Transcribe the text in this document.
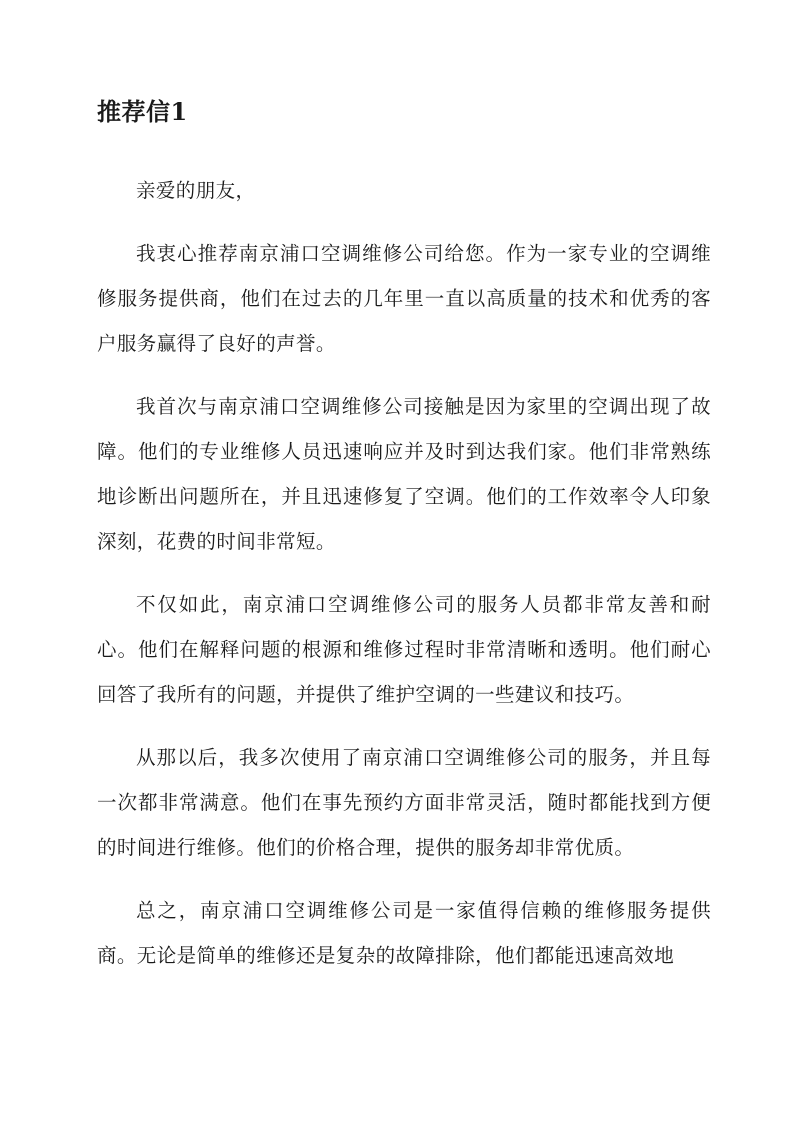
推荐信1

亲爱的朋友，

我衷心推荐南京浦口空调维修公司给您。作为一家专业的空调维修服务提供商，他们在过去的几年里一直以高质量的技术和优秀的客户服务赢得了良好的声誉。

我首次与南京浦口空调维修公司接触是因为家里的空调出现了故障。他们的专业维修人员迅速响应并及时到达我们家。他们非常熟练地诊断出问题所在，并且迅速修复了空调。他们的工作效率令人印象深刻，花费的时间非常短。

不仅如此，南京浦口空调维修公司的服务人员都非常友善和耐心。他们在解释问题的根源和维修过程时非常清晰和透明。他们耐心回答了我所有的问题，并提供了维护空调的一些建议和技巧。

从那以后，我多次使用了南京浦口空调维修公司的服务，并且每一次都非常满意。他们在事先预约方面非常灵活，随时都能找到方便的时间进行维修。他们的价格合理，提供的服务却非常优质。

总之，南京浦口空调维修公司是一家值得信赖的维修服务提供商。无论是简单的维修还是复杂的故障排除，他们都能迅速高效地
